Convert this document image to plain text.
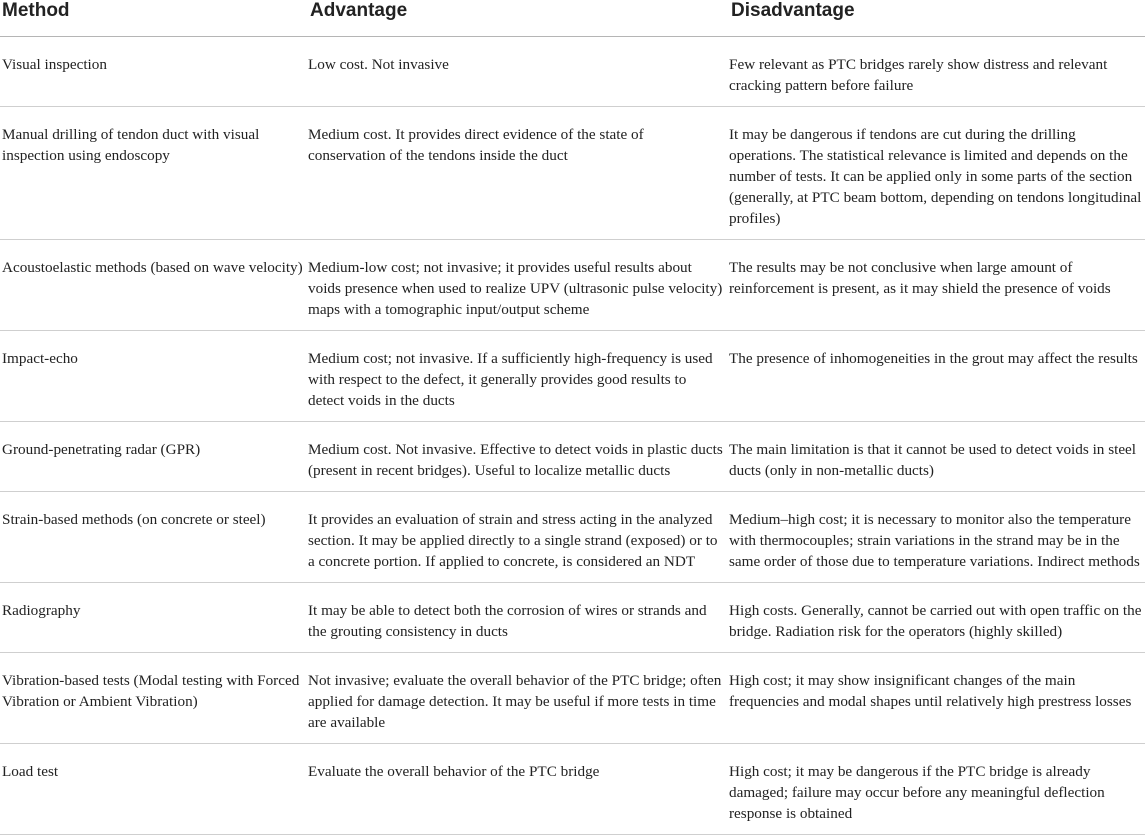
Method	Advantage	Disadvantage
Visual inspection	Low cost. Not invasive	Few relevant as PTC bridges rarely show distress and relevant cracking pattern before failure
Manual drilling of tendon duct with visual inspection using endoscopy	Medium cost. It provides direct evidence of the state of conservation of the tendons inside the duct	It may be dangerous if tendons are cut during the drilling operations. The statistical relevance is limited and depends on the number of tests. It can be applied only in some parts of the section (generally, at PTC beam bottom, depending on tendons longitudinal profiles)
Acoustoelastic methods (based on wave velocity)	Medium-low cost; not invasive; it provides useful results about voids presence when used to realize UPV (ultrasonic pulse velocity) maps with a tomographic input/output scheme	The results may be not conclusive when large amount of reinforcement is present, as it may shield the presence of voids
Impact-echo	Medium cost; not invasive. If a sufficiently high-frequency is used with respect to the defect, it generally provides good results to detect voids in the ducts	The presence of inhomogeneities in the grout may affect the results
Ground-penetrating radar (GPR)	Medium cost. Not invasive. Effective to detect voids in plastic ducts (present in recent bridges). Useful to localize metallic ducts	The main limitation is that it cannot be used to detect voids in steel ducts (only in non-metallic ducts)
Strain-based methods (on concrete or steel)	It provides an evaluation of strain and stress acting in the analyzed section. It may be applied directly to a single strand (exposed) or to a concrete portion. If applied to concrete, is considered an NDT	Medium–high cost; it is necessary to monitor also the temperature with thermocouples; strain variations in the strand may be in the same order of those due to temperature variations. Indirect methods
Radiography	It may be able to detect both the corrosion of wires or strands and the grouting consistency in ducts	High costs. Generally, cannot be carried out with open traffic on the bridge. Radiation risk for the operators (highly skilled)
Vibration-based tests (Modal testing with Forced Vibration or Ambient Vibration)	Not invasive; evaluate the overall behavior of the PTC bridge; often applied for damage detection. It may be useful if more tests in time are available	High cost; it may show insignificant changes of the main frequencies and modal shapes until relatively high prestress losses
Load test	Evaluate the overall behavior of the PTC bridge	High cost; it may be dangerous if the PTC bridge is already damaged; failure may occur before any meaningful deflection response is obtained
